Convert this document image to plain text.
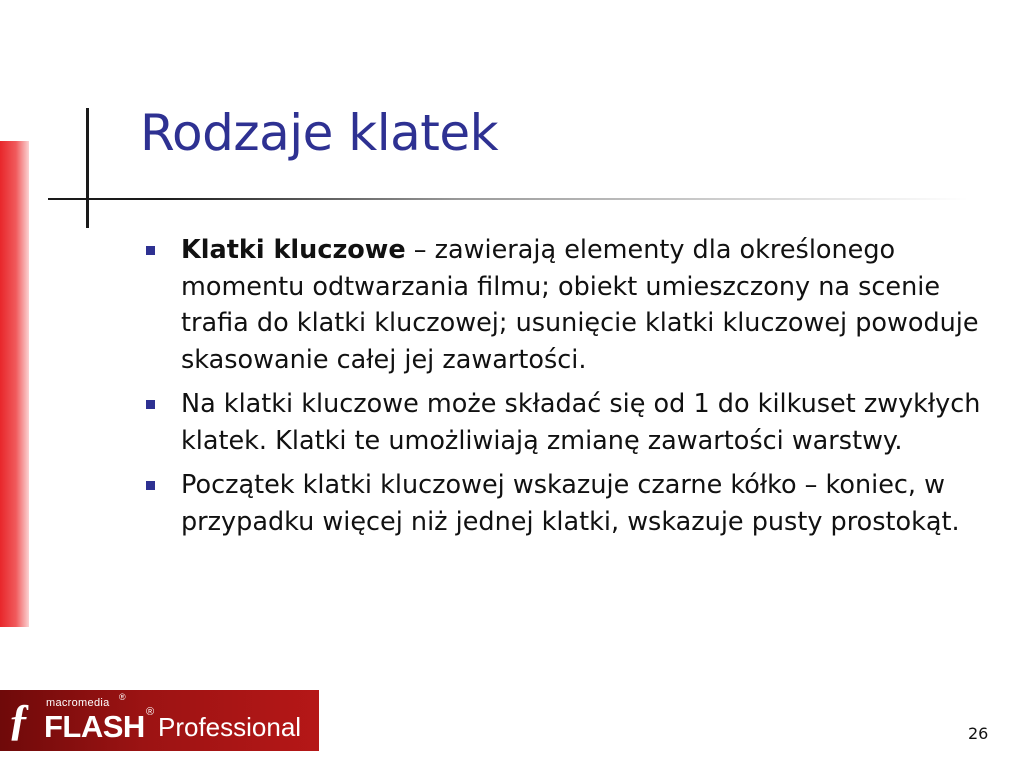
Rodzaje klatek
Klatki kluczowe – zawierają elementy dla określonego momentu odtwarzania filmu; obiekt umieszczony na scenie trafia do klatki kluczowej; usunięcie klatki kluczowej powoduje skasowanie całej jej zawartości.
Na klatki kluczowe może składać się od 1 do kilkuset zwykłych klatek. Klatki te umożliwiają zmianę zawartości warstwy.
Początek klatki kluczowej wskazuje czarne kółko – koniec, w przypadku więcej niż jednej klatki, wskazuje pusty prostokąt.
ƒ macromedia ®
FLASH ® Professional	26
